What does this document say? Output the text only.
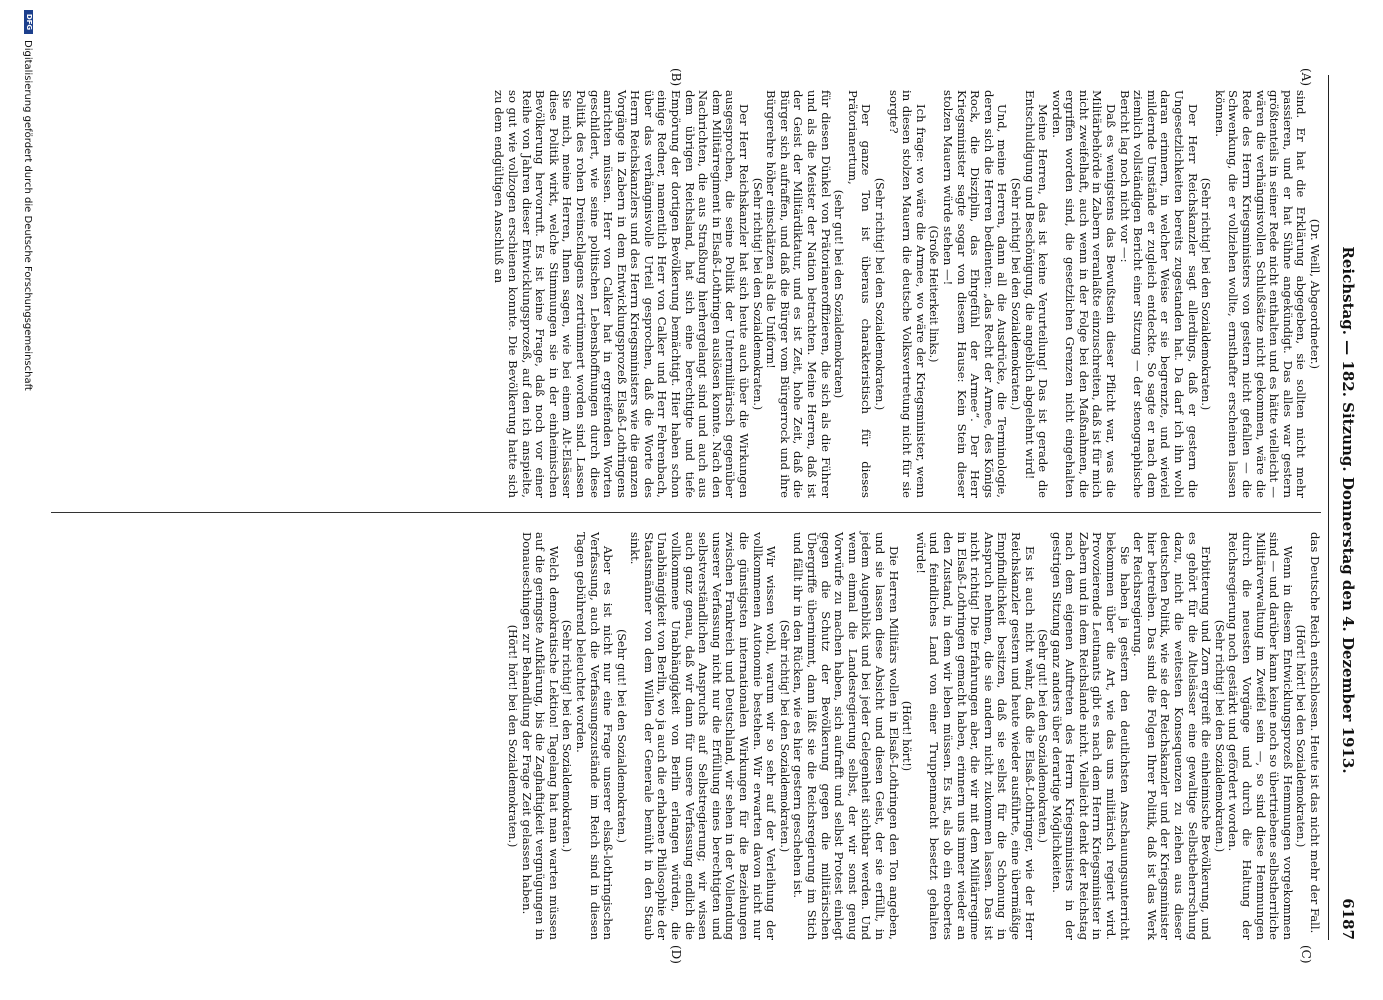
Reichstag. — 182. Sitzung. Donnerstag den 4. Dezember 1913.
6187
(A)
(B)
(C)
(D)

(Dr. Weill, Abgeordneter.)

sind. Er hat die Erklärung abgegeben, sie sollten nicht mehr passieren, und er hat Sühne angekündigt. Das alles war gestern größtenteils in seiner Rede nicht enthalten und es hätte vielleicht — wären die verhängnisvollen Schlußsätze nicht gekommen, wäre die Rede des Herrn Kriegsministers von gestern nicht gefallen — die Schwenkung, die er vollziehen wollte, ernsthafter erscheinen lassen können.

(Sehr richtig! bei den Sozialdemokraten.)

Der Herr Reichskanzler sagt allerdings, daß er gestern die Ungesetzlichkeiten bereits zugestanden hat. Da darf ich ihn wohl daran erinnern, in welcher Weise er sie begrenzte, und wieviel mildernde Umstände er zugleich entdeckte. So sagte er nach dem ziemlich vollständigen Bericht einer Sitzung — der stenographische Bericht lag noch nicht vor —:

Daß es wenigstens das Bewußtsein dieser Pflicht war, was die Militärbehörde in Zabern veranlaßte einzuschreiten, daß ist für mich nicht zweifelhaft, auch wenn in der Folge bei den Maßnahmen, die ergriffen worden sind, die gesetzlichen Grenzen nicht eingehalten worden.

Meine Herren, das ist keine Verurteilung! Das ist gerade die Entschuldigung und Beschönigung, die angeblich abgelehnt wird!

(Sehr richtig! bei den Sozialdemokraten.)

Und, meine Herren, dann all die Ausdrücke, die Terminologie, deren sich die Herren bedienten: „das Recht der Armee, des Königs Rock, die Disziplin, das Ehrgefühl der Armee“. Der Herr Kriegsminister sagte sogar von diesem Hause: Kein Stein dieser stolzen Mauern würde stehen —!

(Große Heiterkeit links.)

Ich frage: wo wäre die Armee, wo wäre der Kriegsminister, wenn in diesen stolzen Mauern die deutsche Volksvertretung nicht für sie sorgte?

(Sehr richtig! bei den Sozialdemokraten.)

Der ganze Ton ist überaus charakteristisch für dieses Prätorianertum,

(sehr gut! bei den Sozialdemokraten)

für diesen Dünkel von Prätorianeroffizieren, die sich als die Führer und als die Meister der Nation betrachten. Meine Herren, daß ist der Geist der Militärdiktatur, und es ist Zeit, hohe Zeit, daß die Bürger sich aufraffen, und daß die Bürger vom Bürgerrock und ihre Bürgerehre höher einschätzen als die Uniform!

(Sehr richtig! bei den Sozialdemokraten.)

Der Herr Reichskanzler hat sich heute auch über die Wirkungen ausgesprochen, die seine Politik der Untermilitärisch gegenüber dem Militärregiment in Elsaß-Lothringen auslösen konnte. Nach den Nachrichten, die aus Straßburg hierhergelangt sind und auch aus dem übrigen Reichsland, hat sich eine berechtigte und tiefe Empörung der dortigen Bevölkerung bemächtigt. Hier haben schon einige Redner, namentlich Herr von Calker und Herr Fehrenbach, über das verhängnisvolle Urteil gesprochen, daß die Worte des Herrn Reichskanzlers und des Herrn Kriegsministers wie die ganzen Vorgänge in Zabern in dem Entwicklungsprozeß Elsaß-Lothringens anrichten müssen. Herr von Calker hat in ergreifenden Worten geschildert, wie seine politischen Lebenshoffnungen durch diese Politik des rohen Dreinschlagens zertrümmert worden sind. Lassen Sie mich, meine Herren, Ihnen sagen, wie bei einem Alt-Elsässer diese Politik wirkt, welche Stimmungen sie in der einheimischen Bevölkerung hervorruft. Es ist keine Frage, daß noch vor einer Reihe von Jahren dieser Entwicklungsprozeß, auf den ich anspielte, so gut wie vollzogen erschienen konnte. Die Bevölkerung hatte sich zu dem endgültigen Anschluß an

das Deutsche Reich entschlossen. Heute ist das nicht mehr der Fall.

(Hört! hört! bei den Sozialdemokraten.)

Wenn in diesem Entwicklungsprozeß Hemmungen vorgekommen sind — und darüber kann keine noch so übertriebene selbstherrliche Militärverwaltung im Zweifel sein —, so sind diese Hemmungen durch die neuesten Vorgänge und durch die Haltung der Reichsregierung noch gestärkt und gefördert worden.

(Sehr richtig! bei den Sozialdemokraten.)

Erbitterung und Zorn ergreift die einheimische Bevölkerung, und es gehört für die Altelsässer eine gewaltige Selbstbeherrschung dazu, nicht die weitesten Konsequenzen zu ziehen aus dieser deutschen Politik, wie sie der Reichskanzler und der Kriegsminister hier betreiben. Das sind die Folgen Ihrer Politik, daß ist das Werk der Reichsregierung.

Sie haben ja gestern den deutlichsten Anschauungsunterricht bekommen über die Art, wie das uns militärisch regiert wird. Provozierende Leutnants gibt es nach dem Herrn Kriegsminister in Zabern und in dem Reichslande nicht. Vielleicht denkt der Reichstag nach dem eigenen Auftreten des Herrn Kriegsministers in der gestrigen Sitzung ganz anders über derartige Möglichkeiten.

(Sehr gut! bei den Sozialdemokraten.)

Es ist auch nicht wahr, daß die Elsaß-Lothringer, wie der Herr Reichskanzler gestern und heute wieder ausführte, eine übermäßige Empfindlichkeit besitzen, daß sie selbst für die Schonung in Anspruch nehmen, die sie andern nicht zukommen lassen. Das ist nicht richtig! Die Erfahrungen aber, die wir mit dem Militärregime in Elsaß-Lothringen gemacht haben, erinnern uns immer wieder an den Zustand, in dem wir leben müssen. Es ist, als ob ein erobertes und feindliches Land von einer Truppenmacht besetzt gehalten würde!

(Hört! hört!)

Die Herren Militärs wollen in Elsaß-Lothringen den Ton angeben, und sie lassen diese Absicht und diesen Geist, der sie erfüllt, in jedem Augenblick und bei jeder Gelegenheit sichtbar werden. Und wenn einmal die Landesregierung selbst, der wir sonst genug Vorwürfe zu machen haben, sich aufrafft und selbst Protest einlegt gegen die Schutz der Bevölkerung gegen die militärischen Übergriffe übernimmt, dann läßt sie die Reichsregierung im Stich und fällt ihr in den Rücken, wie es hier gestern geschehen ist.

(Sehr richtig! bei den Sozialdemokraten.)

Wir wissen wohl, warum wir so sehr auf der Verleihung der vollkommenen Autonomie bestehen. Wir erwarten davon nicht nur die günstigsten internationalen Wirkungen für die Beziehungen zwischen Frankreich und Deutschland, wir sehen in der Vollendung unserer Verfassung nicht nur die Erfüllung eines berechtigten und selbstverständlichen Anspruchs auf Selbstregierung; wir wissen auch ganz genau, daß wir dann für unsere Verfassung endlich die vollkommene Unabhängigkeit von Berlin erlangen würden, die Unabhängigkeit von Berlin, wo ja auch die erhabene Philosophie der Staatsmänner von dem Willen der Generale bemüht in den Staub sinkt.

(Sehr gut! bei den Sozialdemokraten.)

Aber es ist nicht nur eine Frage unserer elsaß-lothringischen Verfassung, auch die Verfassungszustände im Reich sind in diesen Tagen gebührend beleuchtet worden.

(Sehr richtig! bei den Sozialdemokraten.)

Welch demokratische Lektion! Tagelang hat man warten müssen auf die geringste Aufklärung, bis die Zaghaftigkeit vergnügungen in Donaueschingen zur Behandlung der Frage Zeit gelassen haben.

(Hört! hört! bei den Sozialdemokraten.)

DFG
Digitalisierung gefördert durch die Deutsche Forschungsgemeinschaft
